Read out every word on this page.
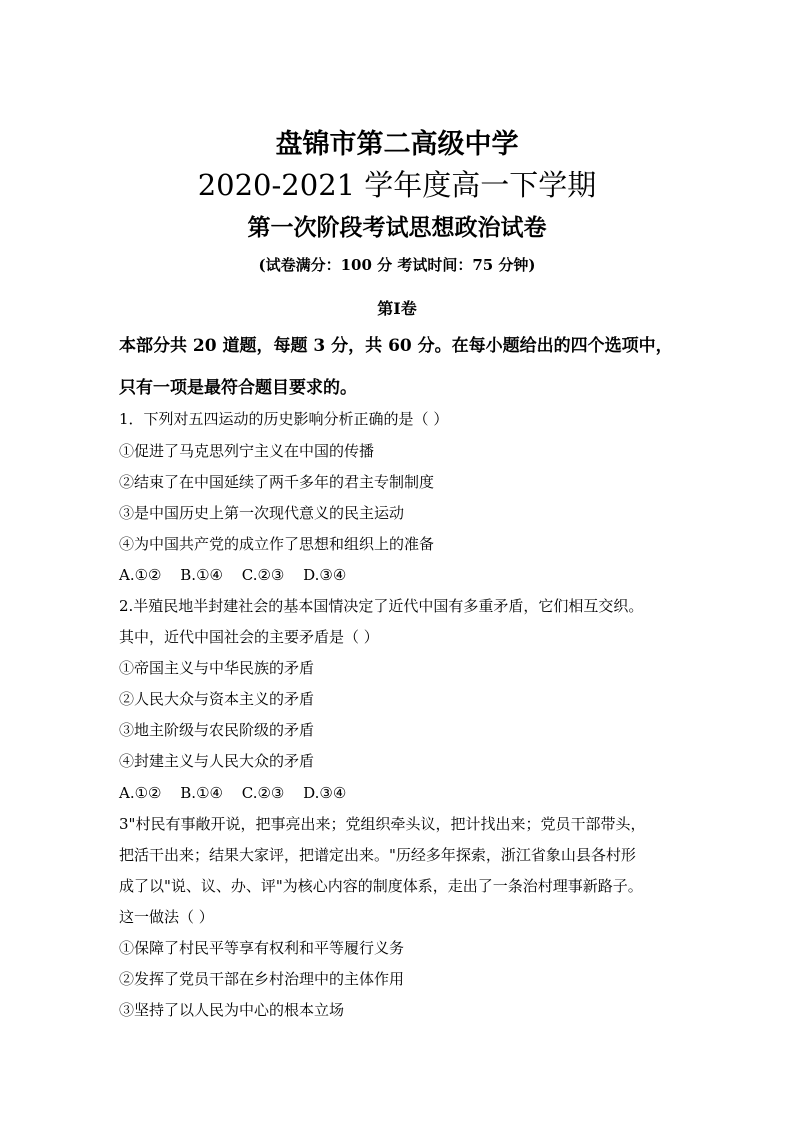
盘锦市第二高级中学
2020-2021 学年度高一下学期
第一次阶段考试思想政治试卷
(试卷满分：100 分 考试时间：75 分钟)
第Ⅰ卷
本部分共 20 道题，每题 3 分，共 60 分。在每小题给出的四个选项中，
只有一项是最符合题目要求的。
1．下列对五四运动的历史影响分析正确的是（ ）
①促进了马克思列宁主义在中国的传播
②结束了在中国延续了两千多年的君主专制制度
③是中国历史上第一次现代意义的民主运动
④为中国共产党的成立作了思想和组织上的准备
A.①② B.①④ C.②③ D.③④
2.半殖民地半封建社会的基本国情决定了近代中国有多重矛盾，它们相互交织。
其中，近代中国社会的主要矛盾是（ ）
①帝国主义与中华民族的矛盾
②人民大众与资本主义的矛盾
③地主阶级与农民阶级的矛盾
④封建主义与人民大众的矛盾
A.①② B.①④ C.②③ D.③④
3"村民有事敞开说，把事亮出来；党组织牵头议，把计找出来；党员干部带头，
把活干出来；结果大家评，把谱定出来。"历经多年探索，浙江省象山县各村形
成了以"说、议、办、评"为核心内容的制度体系，走出了一条治村理事新路子。
这一做法（ ）
①保障了村民平等享有权利和平等履行义务
②发挥了党员干部在乡村治理中的主体作用
③坚持了以人民为中心的根本立场
